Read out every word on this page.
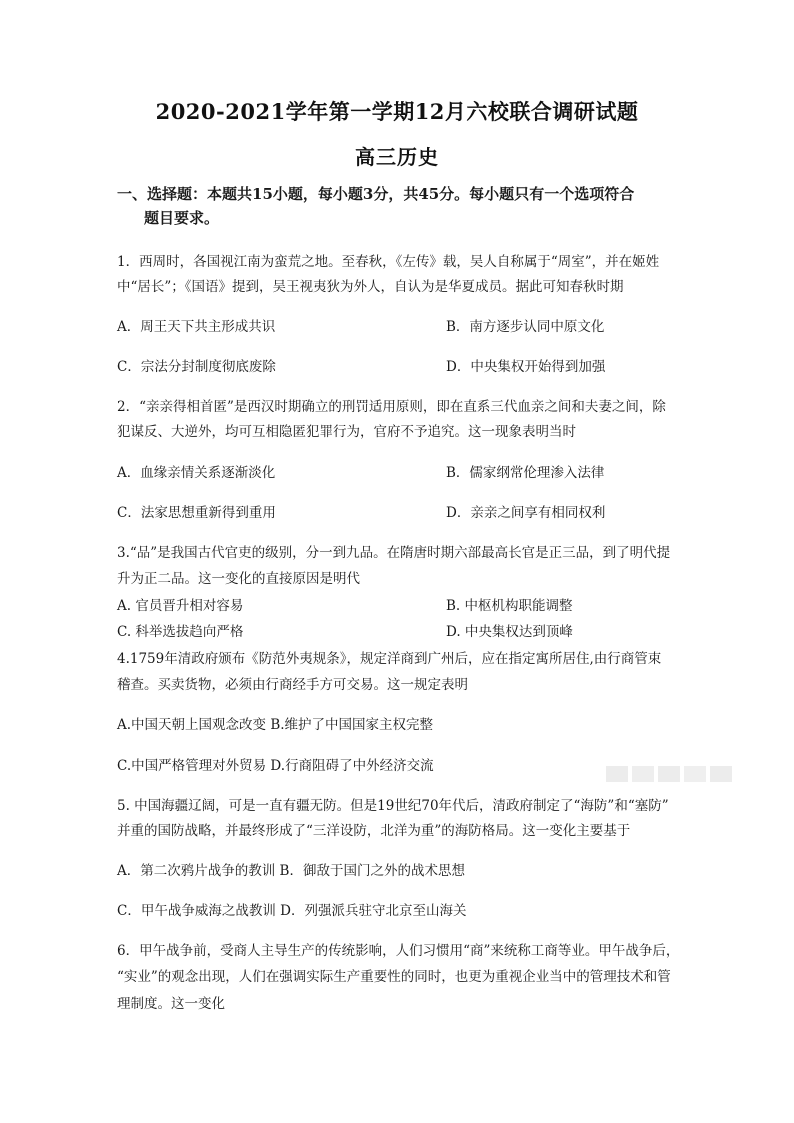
2020-2021学年第一学期12月六校联合调研试题
高三历史
一、选择题：本题共15小题，每小题3分，共45分。每小题只有一个选项符合
题目要求。
1．西周时，各国视江南为蛮荒之地。至春秋，《左传》载，吴人自称属于“周室”，并在姬姓
中“居长”；《国语》提到，吴王视夷狄为外人，自认为是华夏成员。据此可知春秋时期
A．周王天下共主形成共识	B．南方逐步认同中原文化
C．宗法分封制度彻底废除	D．中央集权开始得到加强
2．“亲亲得相首匿”是西汉时期确立的刑罚适用原则，即在直系三代血亲之间和夫妻之间，除
犯谋反、大逆外，均可互相隐匿犯罪行为，官府不予追究。这一现象表明当时
A．血缘亲情关系逐渐淡化	B．儒家纲常伦理渗入法律
C．法家思想重新得到重用	D．亲亲之间享有相同权利
3.“品”是我国古代官吏的级别，分一到九品。在隋唐时期六部最高长官是正三品，到了明代提
升为正二品。这一变化的直接原因是明代
A. 官员晋升相对容易	B. 中枢机构职能调整
C. 科举选拔趋向严格	D. 中央集权达到顶峰
4.1759年清政府颁布《防范外夷规条》，规定洋商到广州后，应在指定寓所居住,由行商管束
稽查。买卖货物，必须由行商经手方可交易。这一规定表明
A.中国天朝上国观念改变 B.维护了中国国家主权完整
C.中国严格管理对外贸易 D.行商阻碍了中外经济交流
5. 中国海疆辽阔，可是一直有疆无防。但是19世纪70年代后，清政府制定了“海防”和“塞防”
并重的国防战略，并最终形成了“三洋设防，北洋为重”的海防格局。这一变化主要基于
A．第二次鸦片战争的教训 B．御敌于国门之外的战术思想
C．甲午战争威海之战教训 D．列强派兵驻守北京至山海关
6．甲午战争前，受商人主导生产的传统影响，人们习惯用“商”来统称工商等业。甲午战争后，
“实业”的观念出现，人们在强调实际生产重要性的同时，也更为重视企业当中的管理技术和管
理制度。这一变化
